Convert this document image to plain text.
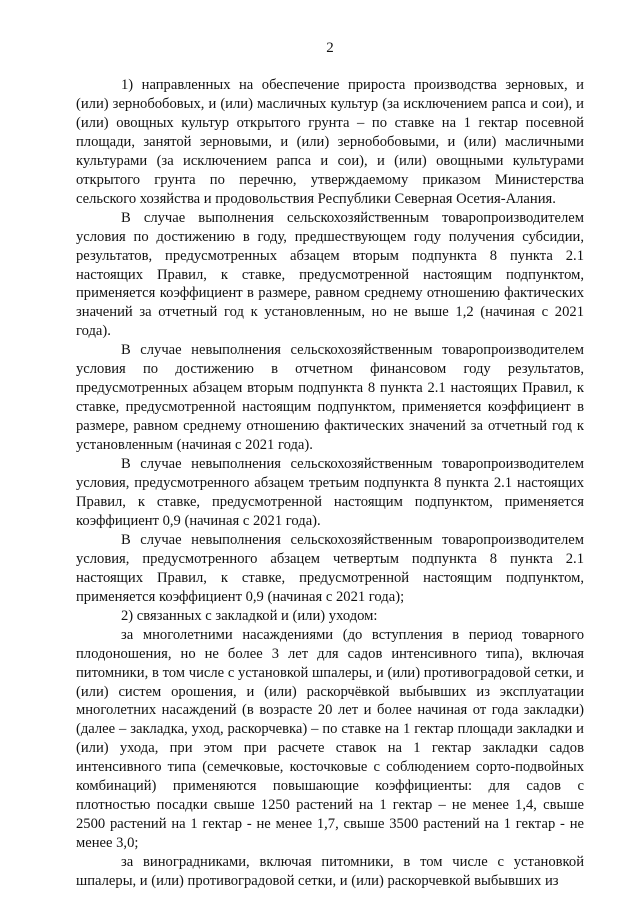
2

1) направленных на обеспечение прироста производства зерновых, и (или) зернобобовых, и (или) масличных культур (за исключением рапса и сои), и (или) овощных культур открытого грунта – по ставке на 1 гектар посевной площади, занятой зерновыми, и (или) зернобобовыми, и (или) масличными культурами (за исключением рапса и сои), и (или) овощными культурами открытого грунта по перечню, утверждаемому приказом Министерства сельского хозяйства и продовольствия Республики Северная Осетия-Алания.

В случае выполнения сельскохозяйственным товаропроизводителем условия по достижению в году, предшествующем году получения субсидии, результатов, предусмотренных абзацем вторым подпункта 8 пункта 2.1 настоящих Правил, к ставке, предусмотренной настоящим подпунктом, применяется коэффициент в размере, равном среднему отношению фактических значений за отчетный год к установленным, но не выше 1,2 (начиная с 2021 года).

В случае невыполнения сельскохозяйственным товаропроизводителем условия по достижению в отчетном финансовом году результатов, предусмотренных абзацем вторым подпункта 8 пункта 2.1 настоящих Правил, к ставке, предусмотренной настоящим подпунктом, применяется коэффициент в размере, равном среднему отношению фактических значений за отчетный год к установленным (начиная с 2021 года).

В случае невыполнения сельскохозяйственным товаропроизводителем условия, предусмотренного абзацем третьим подпункта 8 пункта 2.1 настоящих Правил, к ставке, предусмотренной настоящим подпунктом, применяется коэффициент 0,9 (начиная с 2021 года).

В случае невыполнения сельскохозяйственным товаропроизводителем условия, предусмотренного абзацем четвертым подпункта 8 пункта 2.1 настоящих Правил, к ставке, предусмотренной настоящим подпунктом, применяется коэффициент 0,9 (начиная с 2021 года);

2) связанных с закладкой и (или) уходом:

за многолетними насаждениями (до вступления в период товарного плодоношения, но не более 3 лет для садов интенсивного типа), включая питомники, в том числе с установкой шпалеры, и (или) противоградовой сетки, и (или) систем орошения, и (или) раскорчёвкой выбывших из эксплуатации многолетних насаждений (в возрасте 20 лет и более начиная от года закладки) (далее – закладка, уход, раскорчевка) – по ставке на 1 гектар площади закладки и (или) ухода, при этом при расчете ставок на 1 гектар закладки садов интенсивного типа (семечковые, косточковые с соблюдением сорто-подвойных комбинаций) применяются повышающие коэффициенты: для садов с плотностью посадки свыше 1250 растений на 1 гектар – не менее 1,4, свыше 2500 растений на 1 гектар - не менее 1,7, свыше 3500 растений на 1 гектар - не менее 3,0;

за виноградниками, включая питомники, в том числе с установкой шпалеры, и (или) противоградовой сетки, и (или) раскорчевкой выбывших из
